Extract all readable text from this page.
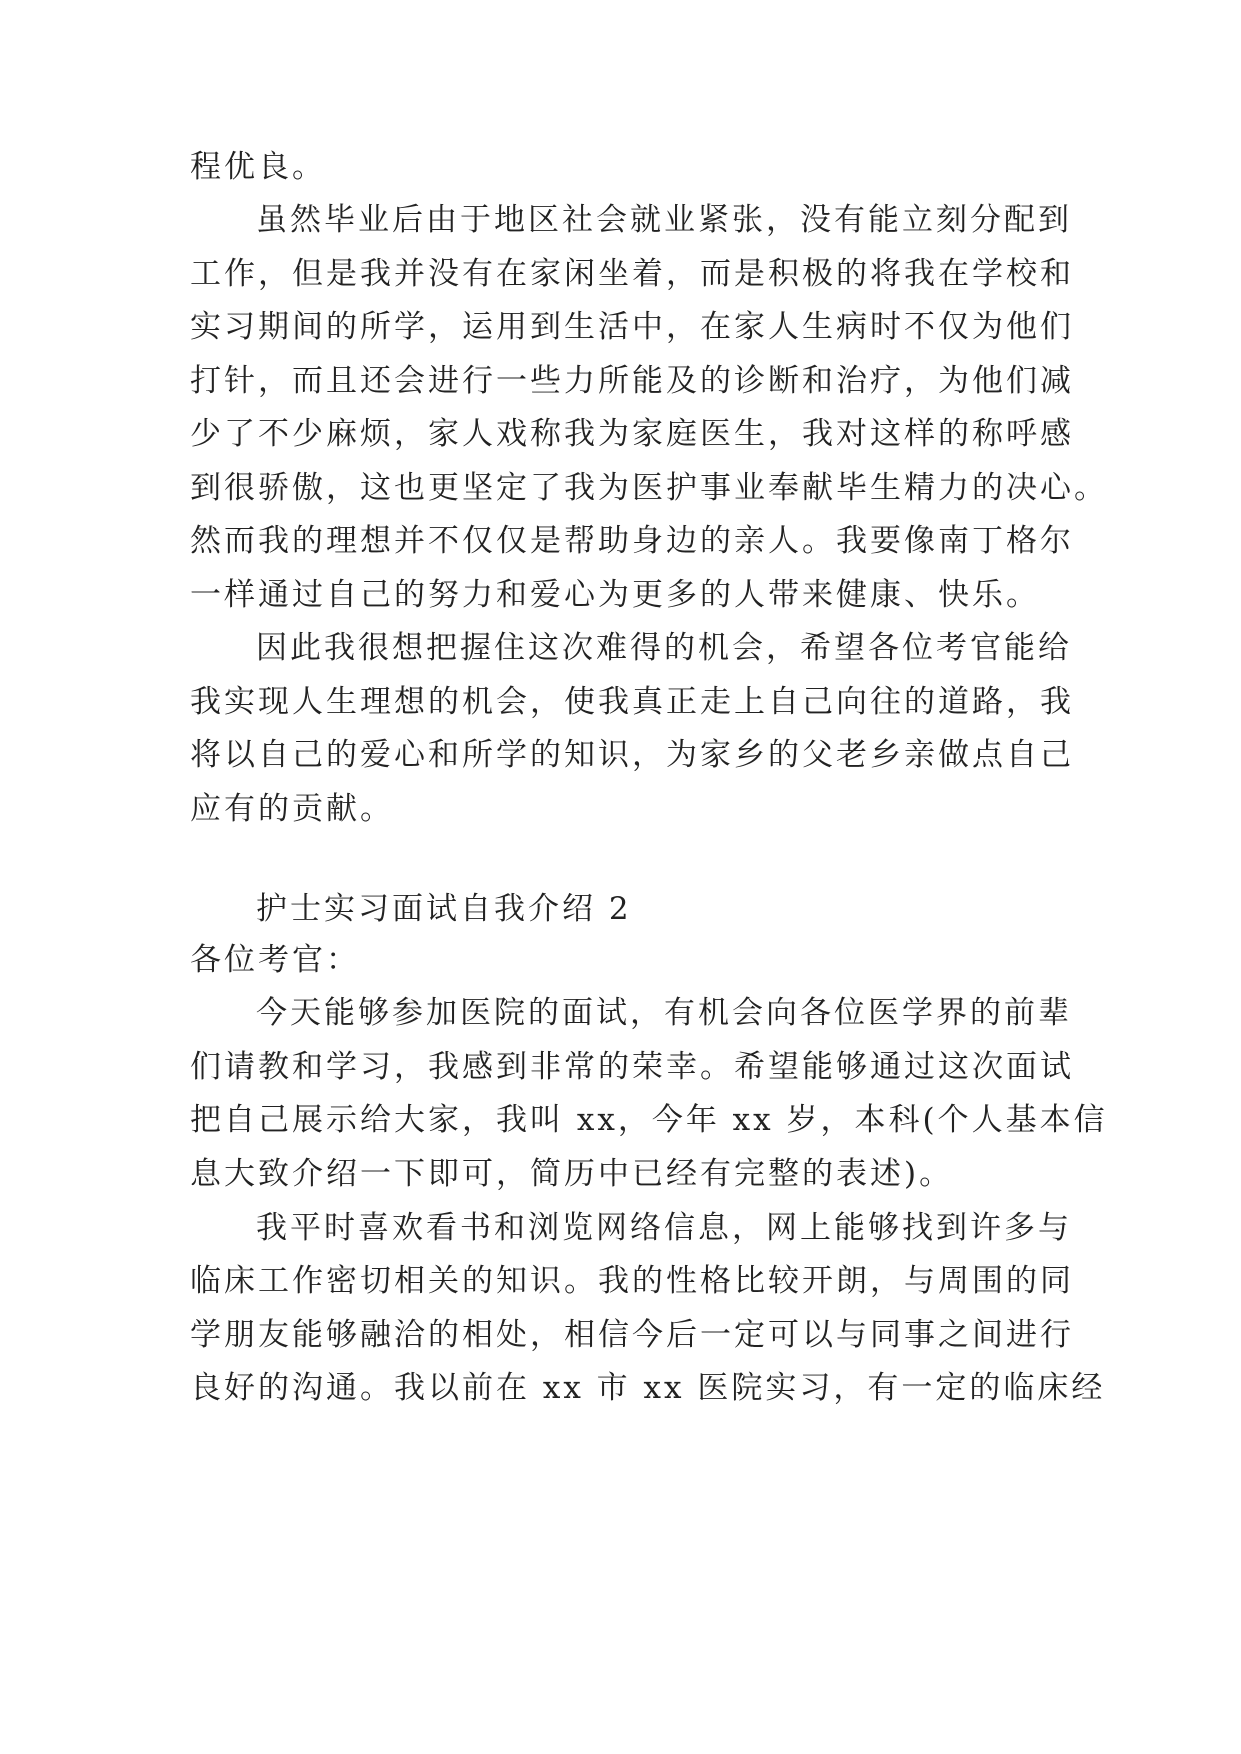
程优良。
虽然毕业后由于地区社会就业紧张，没有能立刻分配到
工作，但是我并没有在家闲坐着，而是积极的将我在学校和
实习期间的所学，运用到生活中，在家人生病时不仅为他们
打针，而且还会进行一些力所能及的诊断和治疗，为他们减
少了不少麻烦，家人戏称我为家庭医生，我对这样的称呼感
到很骄傲，这也更坚定了我为医护事业奉献毕生精力的决心。
然而我的理想并不仅仅是帮助身边的亲人。我要像南丁格尔
一样通过自己的努力和爱心为更多的人带来健康、快乐。
因此我很想把握住这次难得的机会，希望各位考官能给
我实现人生理想的机会，使我真正走上自己向往的道路，我
将以自己的爱心和所学的知识，为家乡的父老乡亲做点自己
应有的贡献。
护士实习面试自我介绍 2
各位考官：
今天能够参加医院的面试，有机会向各位医学界的前辈
们请教和学习，我感到非常的荣幸。希望能够通过这次面试
把自己展示给大家，我叫 xx，今年 xx 岁，本科(个人基本信
息大致介绍一下即可，简历中已经有完整的表述)。
我平时喜欢看书和浏览网络信息，网上能够找到许多与
临床工作密切相关的知识。我的性格比较开朗，与周围的同
学朋友能够融洽的相处，相信今后一定可以与同事之间进行
良好的沟通。我以前在 xx 市 xx 医院实习，有一定的临床经
